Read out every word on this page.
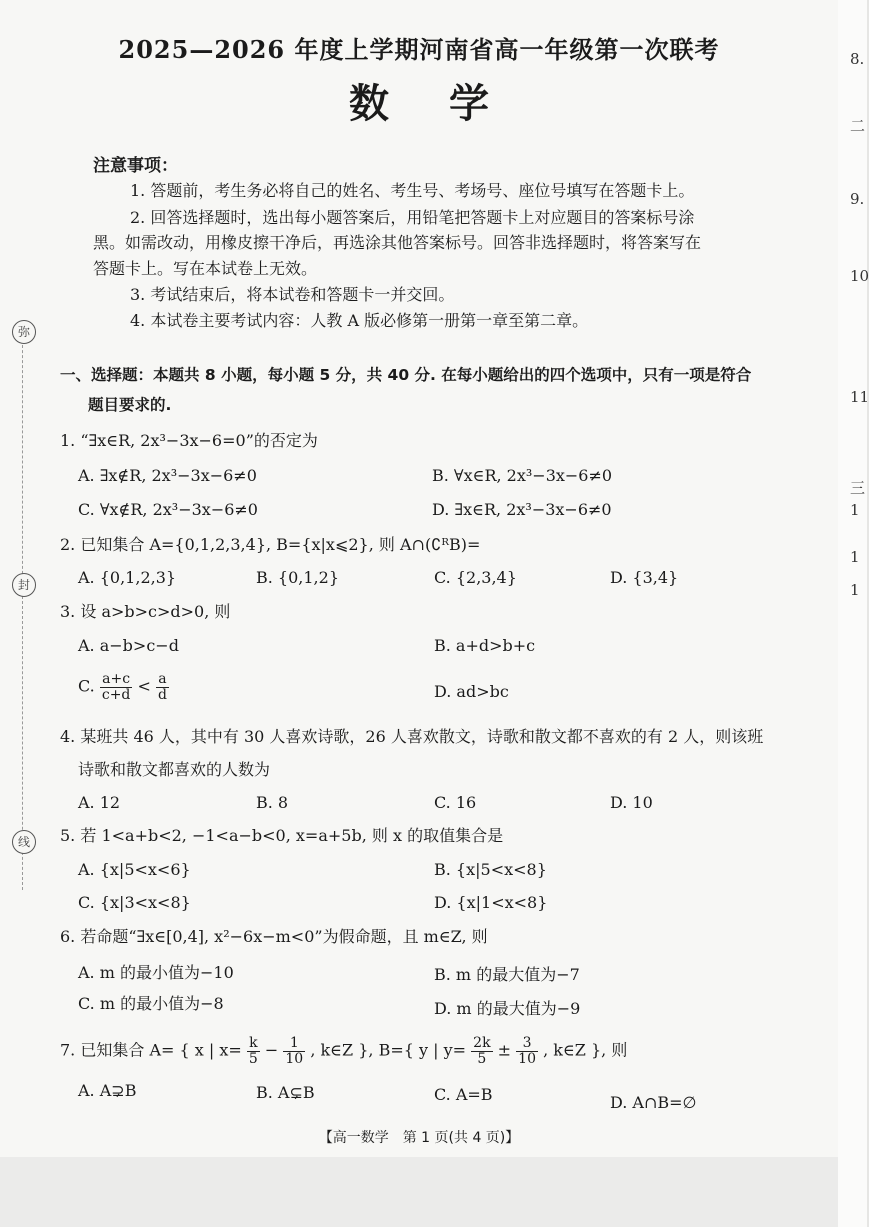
弥
封
线
2025—2026 年度上学期河南省高一年级第一次联考
数学
注意事项：
1. 答题前，考生务必将自己的姓名、考生号、考场号、座位号填写在答题卡上。
2. 回答选择题时，选出每小题答案后，用铅笔把答题卡上对应题目的答案标号涂
黑。如需改动，用橡皮擦干净后，再选涂其他答案标号。回答非选择题时，将答案写在
答题卡上。写在本试卷上无效。
3. 考试结束后，将本试卷和答题卡一并交回。
4. 本试卷主要考试内容：人教 A 版必修第一册第一章至第二章。
一、选择题：本题共 8 小题，每小题 5 分，共 40 分. 在每小题给出的四个选项中，只有一项是符合
题目要求的.
1. “∃x∈R, 2x³−3x−6=0”的否定为
A. ∃x∉R, 2x³−3x−6≠0	B. ∀x∈R, 2x³−3x−6≠0
C. ∀x∉R, 2x³−3x−6≠0	D. ∃x∈R, 2x³−3x−6≠0
2. 已知集合 A={0,1,2,3,4}, B={x|x⩽2}, 则 A∩(∁ᴿB)=
A. {0,1,2,3}	B. {0,1,2}	C. {2,3,4}	D. {3,4}
3. 设 a>b>c>d>0, 则
A. a−b>c−d	B. a+d>b+c
C. $\frac{a+c}{c+d} < \frac{a}{d}$	D. ad>bc
4. 某班共 46 人，其中有 30 人喜欢诗歌，26 人喜欢散文，诗歌和散文都不喜欢的有 2 人，则该班
诗歌和散文都喜欢的人数为
A. 12	B. 8	C. 16	D. 10
5. 若 1<a+b<2, −1<a−b<0, x=a+5b, 则 x 的取值集合是
A. {x|5<x<6}	B. {x|5<x<8}
C. {x|3<x<8}	D. {x|1<x<8}
6. 若命题“∃x∈[0,4], x²−6x−m<0”为假命题，且 m∈Z, 则
A. m 的最小值为−10	B. m 的最大值为−7
C. m 的最小值为−8	D. m 的最大值为−9
7. 已知集合 A= { x | $x= \frac{k}{5} - \frac{1}{10}$ , k∈Z }, B={ y | $y= \frac{2k}{5} \pm \frac{3}{10}$ , k∈Z }, 则
A. A⊋B	B. A⊊B	C. A=B	D. A∩B=∅
【高一数学　第 1 页(共 4 页)】
8.
二
9.
10
11
三
1
1
1
